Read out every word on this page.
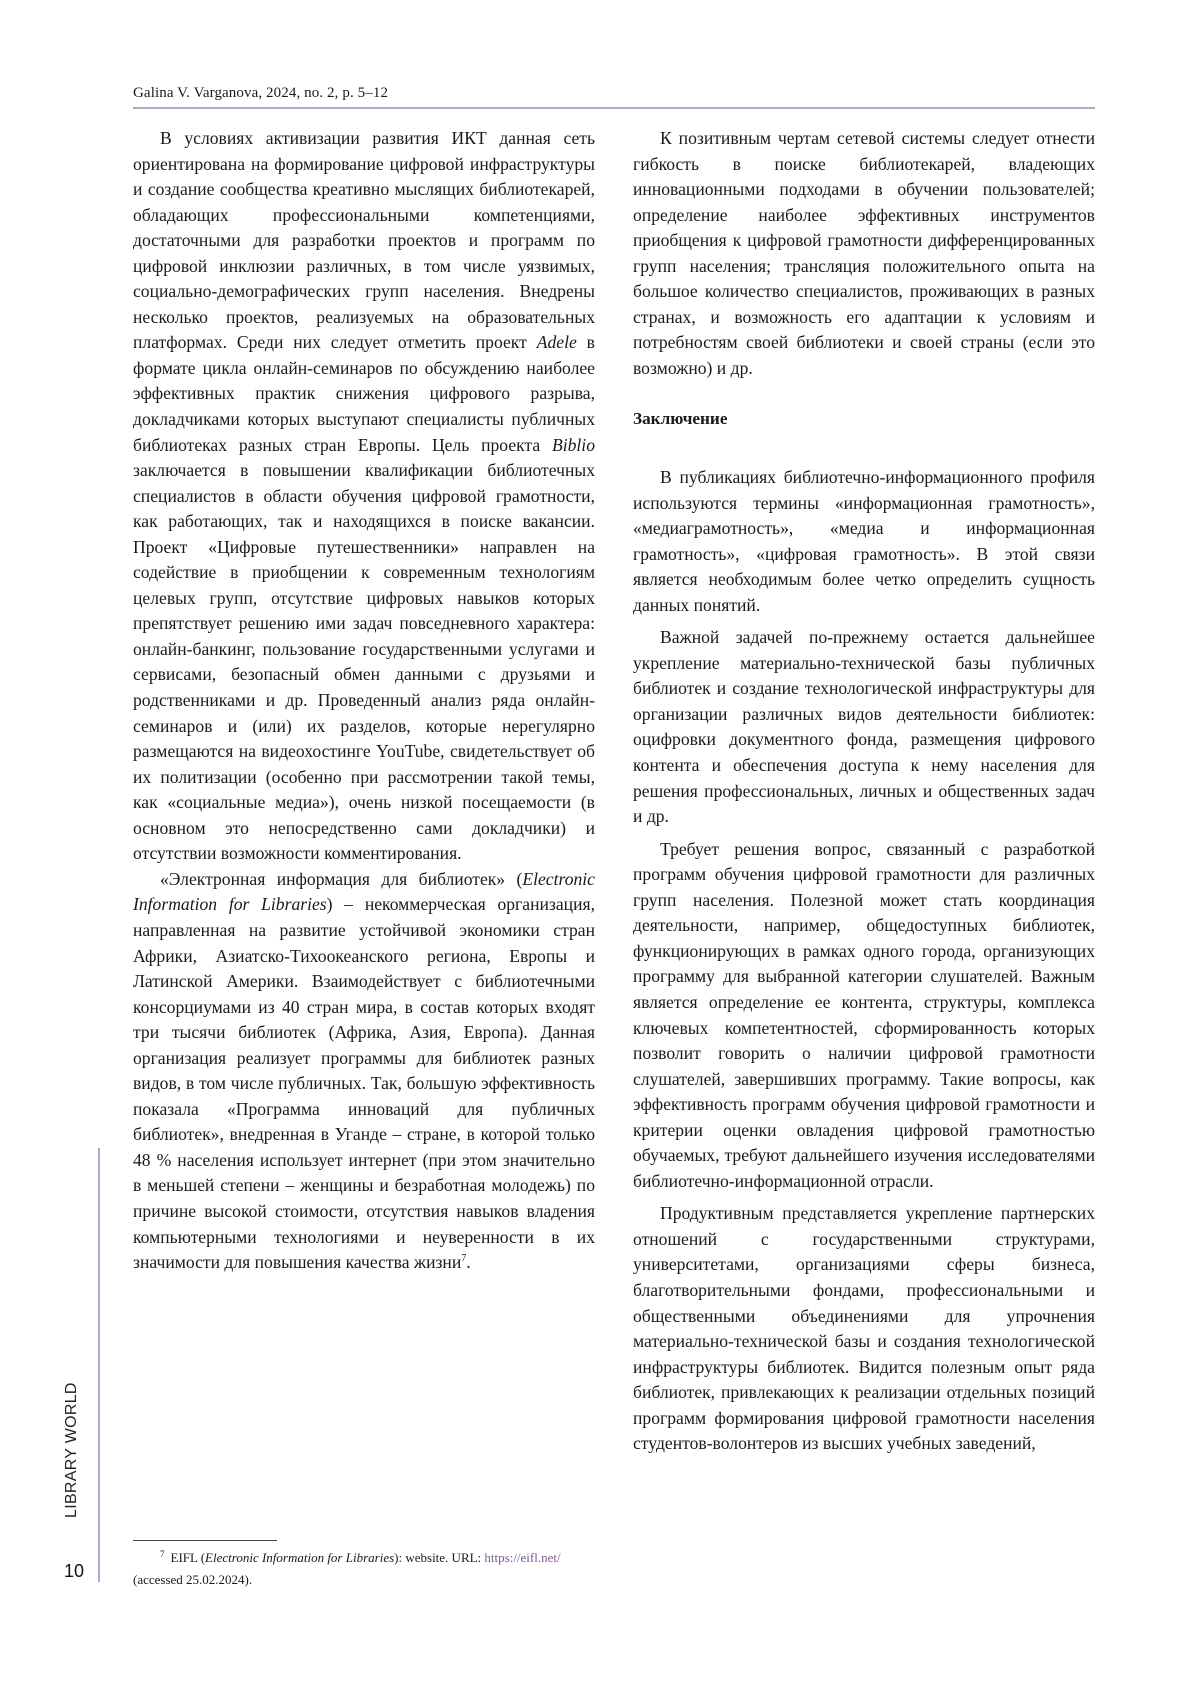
Galina V. Varganova, 2024, no. 2, p. 5–12

В условиях активизации развития ИКТ данная сеть ориентирована на формирование цифровой инфраструктуры и создание сообщества креативно мыслящих библиотекарей, обладающих профессиональными компетенциями, достаточными для разработки проектов и программ по цифровой инклюзии различных, в том числе уязвимых, социально-демографических групп населения. Внедрены несколько проектов, реализуемых на образовательных платформах. Среди них следует отметить проект Adele в формате цикла онлайн-семинаров по обсуждению наиболее эффективных практик снижения цифрового разрыва, докладчиками которых выступают специалисты публичных библиотеках разных стран Европы. Цель проекта Biblio заключается в повышении квалификации библиотечных специалистов в области обучения цифровой грамотности, как работающих, так и находящихся в поиске вакансии. Проект «Цифровые путешественники» направлен на содействие в приобщении к современным технологиям целевых групп, отсутствие цифровых навыков которых препятствует решению ими задач повседневного характера: онлайн-банкинг, пользование государственными услугами и сервисами, безопасный обмен данными с друзьями и родственниками и др. Проведенный анализ ряда онлайн-семинаров и (или) их разделов, которые нерегулярно размещаются на видеохостинге YouTube, свидетельствует об их политизации (особенно при рассмотрении такой темы, как «социальные медиа»), очень низкой посещаемости (в основном это непосредственно сами докладчики) и отсутствии возможности комментирования.

«Электронная информация для библиотек» (Electronic Information for Libraries) – некоммерческая организация, направленная на развитие устойчивой экономики стран Африки, Азиатско-Тихоокеанского региона, Европы и Латинской Америки. Взаимодействует с библиотечными консорциумами из 40 стран мира, в состав которых входят три тысячи библиотек (Африка, Азия, Европа). Данная организация реализует программы для библиотек разных видов, в том числе публичных. Так, большую эффективность показала «Программа инноваций для публичных библиотек», внедренная в Уганде – стране, в которой только 48 % населения использует интернет (при этом значительно в меньшей степени – женщины и безработная молодежь) по причине высокой стоимости, отсутствия навыков владения компьютерными технологиями и неуверенности в их значимости для повышения качества жизни$^7$.

К позитивным чертам сетевой системы следует отнести гибкость в поиске библиотекарей, владеющих инновационными подходами в обучении пользователей; определение наиболее эффективных инструментов приобщения к цифровой грамотности дифференцированных групп населения; трансляция положительного опыта на большое количество специалистов, проживающих в разных странах, и возможность его адаптации к условиям и потребностям своей библиотеки и своей страны (если это возможно) и др.

Заключение

В публикациях библиотечно-информационного профиля используются термины «информационная грамотность», «медиаграмотность», «медиа и информационная грамотность», «цифровая грамотность». В этой связи является необходимым более четко определить сущность данных понятий.

Важной задачей по-прежнему остается дальнейшее укрепление материально-технической базы публичных библиотек и создание технологической инфраструктуры для организации различных видов деятельности библиотек: оцифровки документного фонда, размещения цифрового контента и обеспечения доступа к нему населения для решения профессиональных, личных и общественных задач и др.

Требует решения вопрос, связанный с разработкой программ обучения цифровой грамотности для различных групп населения. Полезной может стать координация деятельности, например, общедоступных библиотек, функционирующих в рамках одного города, организующих программу для выбранной категории слушателей. Важным является определение ее контента, структуры, комплекса ключевых компетентностей, сформированность которых позволит говорить о наличии цифровой грамотности слушателей, завершивших программу. Такие вопросы, как эффективность программ обучения цифровой грамотности и критерии оценки овладения цифровой грамотностью обучаемых, требуют дальнейшего изучения исследователями библиотечно-информационной отрасли.

Продуктивным представляется укрепление партнерских отношений с государственными структурами, университетами, организациями сферы бизнеса, благотворительными фондами, профессиональными и общественными объединениями для упрочнения материально-технической базы и создания технологической инфраструктуры библиотек. Видится полезным опыт ряда библиотек, привлекающих к реализации отдельных позиций программ формирования цифровой грамотности населения студентов-волонтеров из высших учебных заведений,

$^7$ EIFL (Electronic Information for Libraries): website. URL: https://eifl.net/ (accessed 25.02.2024).
LIBRARY WORLD
10
